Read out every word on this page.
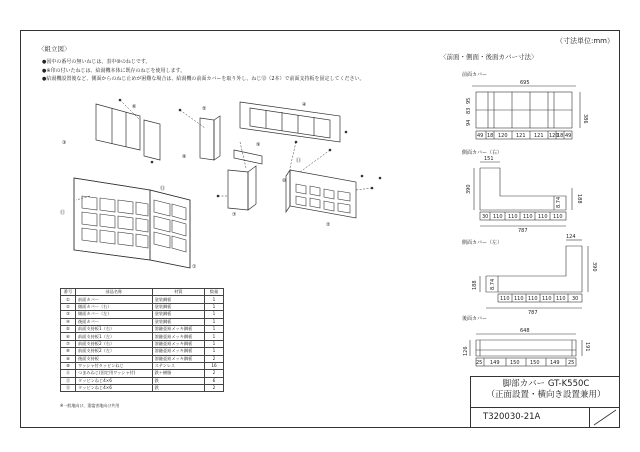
（寸法単位:mm）
〈組立図〉
〈前面・側面・後面カバー寸法〉
●図中の番号の無いねじは、表中⑩のねじです。
●※印の付いたねじは、給湯機本体に既存のねじを使用します。
●給湯機設置後など、側面からのねじ止めが困難な場合は、給湯機の前面カバーを取り外し、ねじ⑬（2本）で前面支持板を固定してください。
①
②
③
④
⑤
⑥
⑦
⑧
⑨
⑩
⑪
⑫
⑬
前面カバー
695
386
94
83
95
49 18 120 121 121 120
18 49
側面カバー（右）
151
390
188
8.74
30 110 110 110 110 110
787
側面カバー（左）
124
390
188 8.74
110 110 110 110 110 30
787
後面カバー
648
126	191
25 149 150 150 149 25
番号	部品名称	材質	数量
①	前面カバー	塗装鋼板	1
②	側面カバー（右）	塗装鋼板	1
③	側面カバー（左）	塗装鋼板	1
④	後面カバー	塗装鋼板	1
⑤	前面支持板1（右）	溶融亜鉛メッキ鋼板	1
⑥	前面支持板1（左）	溶融亜鉛メッキ鋼板	1
⑦	前面支持板2（右）	溶融亜鉛メッキ鋼板	1
⑧	前面支持板2（左）	溶融亜鉛メッキ鋼板	1
⑨	後面支持板	溶融亜鉛メッキ鋼板	2
⑩	ワッシャ付タッピンねじ	ステンレス	16
⑪	つまみねじ(固定用ワッシャ付)	鉄＋樹脂	2
⑫	タッピンねじ4×6	鉄	6
⑬	タッピンねじ4×6	鉄	2
※一般地向け、重塩害地向け共用
脚部カバー GT-K550C
（正面設置・横向き設置兼用）
T320030-21A
